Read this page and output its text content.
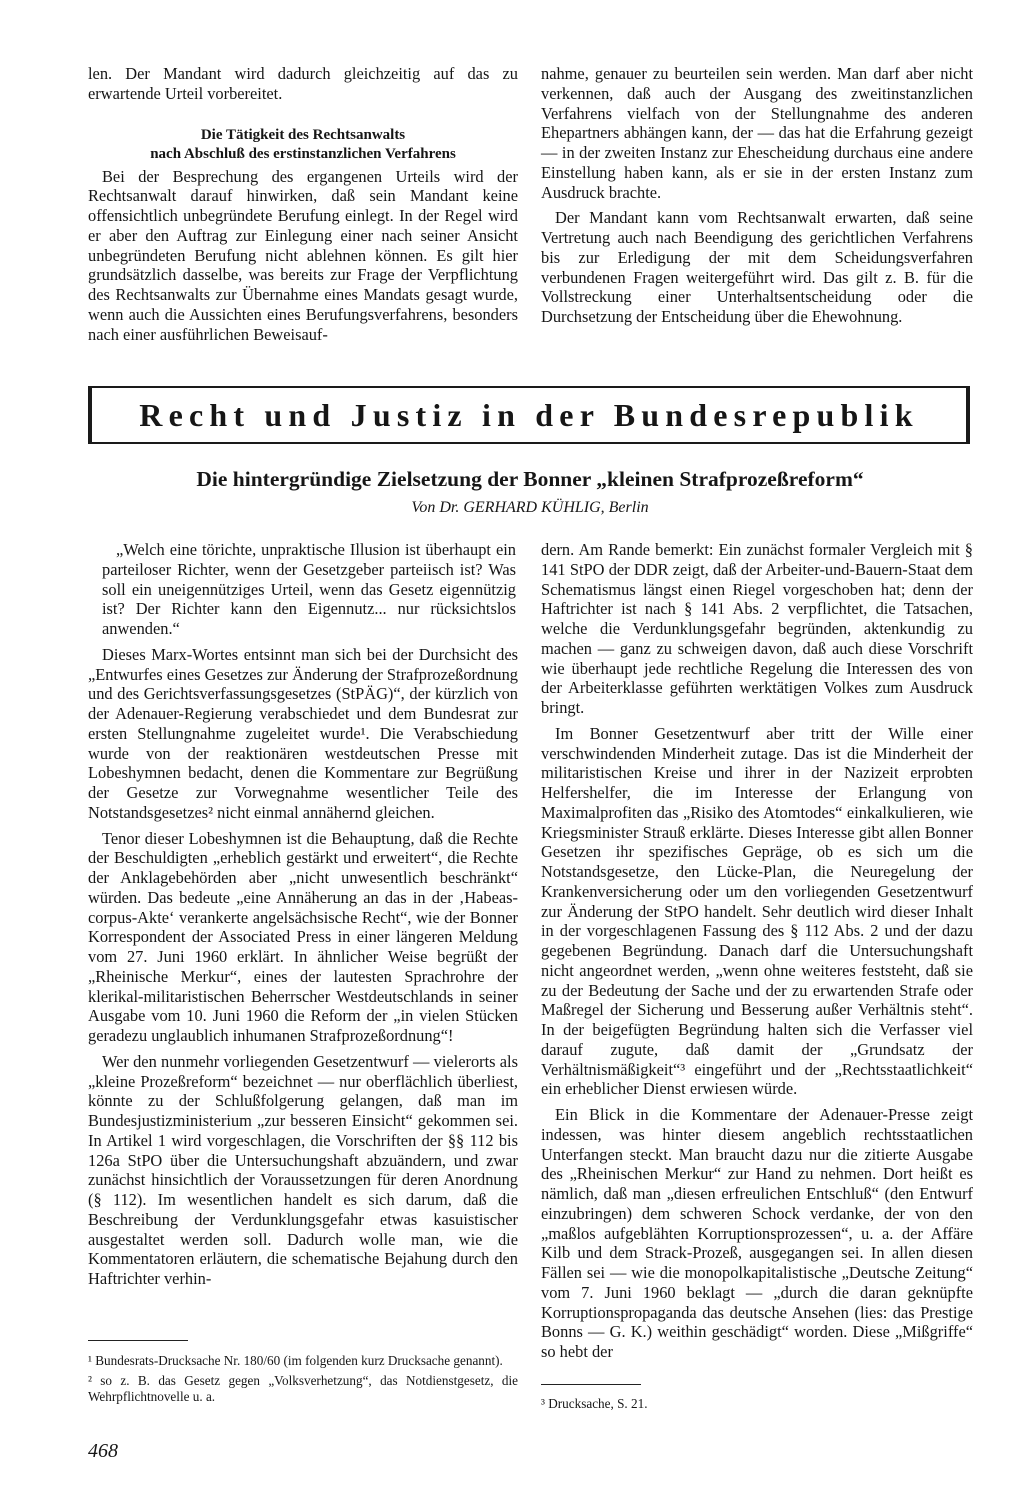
len. Der Mandant wird dadurch gleichzeitig auf das zu erwartende Urteil vorbereitet.

Die Tätigkeit des Rechtsanwalts

nach Abschluß des erstinstanzlichen Verfahrens

Bei der Besprechung des ergangenen Urteils wird der Rechtsanwalt darauf hinwirken, daß sein Mandant keine offensichtlich unbegründete Berufung einlegt. In der Regel wird er aber den Auftrag zur Einlegung einer nach seiner Ansicht unbegründeten Berufung nicht ablehnen können. Es gilt hier grundsätzlich dasselbe, was bereits zur Frage der Verpflichtung des Rechtsanwalts zur Übernahme eines Mandats gesagt wurde, wenn auch die Aussichten eines Berufungsverfahrens, besonders nach einer ausführlichen Beweisauf-

nahme, genauer zu beurteilen sein werden. Man darf aber nicht verkennen, daß auch der Ausgang des zweitinstanzlichen Verfahrens vielfach von der Stellungnahme des anderen Ehepartners abhängen kann, der — das hat die Erfahrung gezeigt — in der zweiten Instanz zur Ehescheidung durchaus eine andere Einstellung haben kann, als er sie in der ersten Instanz zum Ausdruck brachte.

Der Mandant kann vom Rechtsanwalt erwarten, daß seine Vertretung auch nach Beendigung des gerichtlichen Verfahrens bis zur Erledigung der mit dem Scheidungsverfahren verbundenen Fragen weitergeführt wird. Das gilt z. B. für die Vollstreckung einer Unterhaltsentscheidung oder die Durchsetzung der Entscheidung über die Ehewohnung.

Recht und Justiz in der Bundesrepublik
Die hintergründige Zielsetzung der Bonner „kleinen Strafprozeßreform“

Von Dr. GERHARD KÜHLIG, Berlin

„Welch eine törichte, unpraktische Illusion ist überhaupt ein parteiloser Richter, wenn der Gesetzgeber parteiisch ist? Was soll ein uneigennütziges Urteil, wenn das Gesetz eigennützig ist? Der Richter kann den Eigennutz... nur rücksichtslos anwenden.“

Dieses Marx-Wortes entsinnt man sich bei der Durchsicht des „Entwurfes eines Gesetzes zur Änderung der Strafprozeßordnung und des Gerichtsverfassungsgesetzes (StPÄG)“, der kürzlich von der Adenauer-Regierung verabschiedet und dem Bundesrat zur ersten Stellungnahme zugeleitet wurde¹. Die Verabschiedung wurde von der reaktionären westdeutschen Presse mit Lobeshymnen bedacht, denen die Kommentare zur Begrüßung der Gesetze zur Vorwegnahme wesentlicher Teile des Notstandsgesetzes² nicht einmal annähernd gleichen.

Tenor dieser Lobeshymnen ist die Behauptung, daß die Rechte der Beschuldigten „erheblich gestärkt und erweitert“, die Rechte der Anklagebehörden aber „nicht unwesentlich beschränkt“ würden. Das bedeute „eine Annäherung an das in der ‚Habeas-corpus-Akte‘ verankerte angelsächsische Recht“, wie der Bonner Korrespondent der Associated Press in einer längeren Meldung vom 27. Juni 1960 erklärt. In ähnlicher Weise begrüßt der „Rheinische Merkur“, eines der lautesten Sprachrohre der klerikal-militaristischen Beherrscher Westdeutschlands in seiner Ausgabe vom 10. Juni 1960 die Reform der „in vielen Stücken geradezu unglaublich inhumanen Strafprozeßordnung“!

Wer den nunmehr vorliegenden Gesetzentwurf — vielerorts als „kleine Prozeßreform“ bezeichnet — nur oberflächlich überliest, könnte zu der Schlußfolgerung gelangen, daß man im Bundesjustizministerium „zur besseren Einsicht“ gekommen sei. In Artikel 1 wird vorgeschlagen, die Vorschriften der §§ 112 bis 126a StPO über die Untersuchungshaft abzuändern, und zwar zunächst hinsichtlich der Voraussetzungen für deren Anordnung (§ 112). Im wesentlichen handelt es sich darum, daß die Beschreibung der Verdunklungsgefahr etwas kasuistischer ausgestaltet werden soll. Dadurch wolle man, wie die Kommentatoren erläutern, die schematische Bejahung durch den Haftrichter verhin-

dern. Am Rande bemerkt: Ein zunächst formaler Vergleich mit § 141 StPO der DDR zeigt, daß der Arbeiter-und-Bauern-Staat dem Schematismus längst einen Riegel vorgeschoben hat; denn der Haftrichter ist nach § 141 Abs. 2 verpflichtet, die Tatsachen, welche die Verdunklungsgefahr begründen, aktenkundig zu machen — ganz zu schweigen davon, daß auch diese Vorschrift wie überhaupt jede rechtliche Regelung die Interessen des von der Arbeiterklasse geführten werktätigen Volkes zum Ausdruck bringt.

Im Bonner Gesetzentwurf aber tritt der Wille einer verschwindenden Minderheit zutage. Das ist die Minderheit der militaristischen Kreise und ihrer in der Nazizeit erprobten Helfershelfer, die im Interesse der Erlangung von Maximalprofiten das „Risiko des Atomtodes“ einkalkulieren, wie Kriegsminister Strauß erklärte. Dieses Interesse gibt allen Bonner Gesetzen ihr spezifisches Gepräge, ob es sich um die Notstandsgesetze, den Lücke-Plan, die Neuregelung der Krankenversicherung oder um den vorliegenden Gesetzentwurf zur Änderung der StPO handelt. Sehr deutlich wird dieser Inhalt in der vorgeschlagenen Fassung des § 112 Abs. 2 und der dazu gegebenen Begründung. Danach darf die Untersuchungshaft nicht angeordnet werden, „wenn ohne weiteres feststeht, daß sie zu der Bedeutung der Sache und der zu erwartenden Strafe oder Maßregel der Sicherung und Besserung außer Verhältnis steht“. In der beigefügten Begründung halten sich die Verfasser viel darauf zugute, daß damit der „Grundsatz der Verhältnismäßigkeit“³ eingeführt und der „Rechtsstaatlichkeit“ ein erheblicher Dienst erwiesen würde.

Ein Blick in die Kommentare der Adenauer-Presse zeigt indessen, was hinter diesem angeblich rechtsstaatlichen Unterfangen steckt. Man braucht dazu nur die zitierte Ausgabe des „Rheinischen Merkur“ zur Hand zu nehmen. Dort heißt es nämlich, daß man „diesen erfreulichen Entschluß“ (den Entwurf einzubringen) dem schweren Schock verdanke, der von den „maßlos aufgeblähten Korruptionsprozessen“, u. a. der Affäre Kilb und dem Strack-Prozeß, ausgegangen sei. In allen diesen Fällen sei — wie die monopolkapitalistische „Deutsche Zeitung“ vom 7. Juni 1960 beklagt — „durch die daran geknüpfte Korruptionspropaganda das deutsche Ansehen (lies: das Prestige Bonns — G. K.) weithin geschädigt“ worden. Diese „Mißgriffe“ so hebt der

¹ Bundesrats-Drucksache Nr. 180/60 (im folgenden kurz Drucksache genannt).

² so z. B. das Gesetz gegen „Volksverhetzung“, das Notdienstgesetz, die Wehrpflichtnovelle u. a.	³ Drucksache, S. 21.

468
